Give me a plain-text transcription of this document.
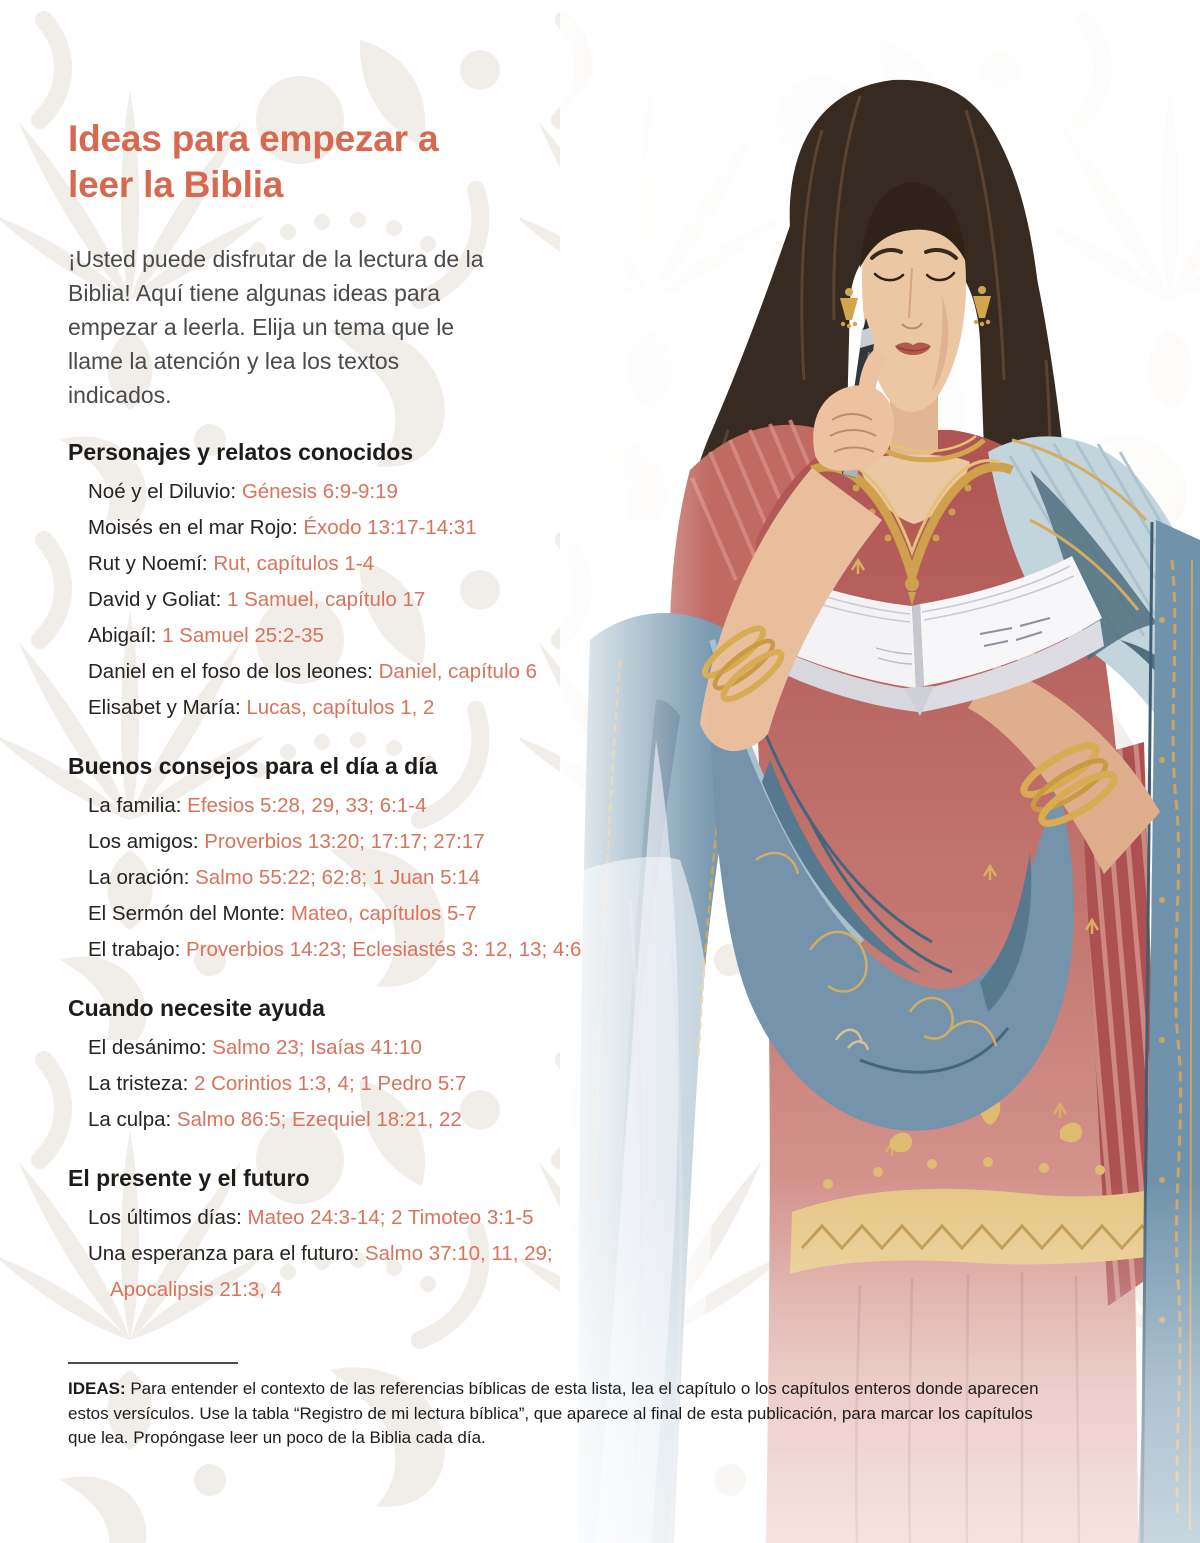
Ideas para empezar a leer la Biblia

¡Usted puede disfrutar de la lectura de la Biblia! Aquí tiene algunas ideas para empezar a leerla. Elija un tema que le llame la atención y lea los textos indicados.

Personajes y relatos conocidos
Noé y el Diluvio: Génesis 6:9-9:19
Moisés en el mar Rojo: Éxodo 13:17-14:31
Rut y Noemí: Rut, capítulos 1-4
David y Goliat: 1 Samuel, capítulo 17
Abigaíl: 1 Samuel 25:2-35
Daniel en el foso de los leones: Daniel, capítulo 6
Elisabet y María: Lucas, capítulos 1, 2
Buenos consejos para el día a día
La familia: Efesios 5:28, 29, 33; 6:1-4
Los amigos: Proverbios 13:20; 17:17; 27:17
La oración: Salmo 55:22; 62:8; 1 Juan 5:14
El Sermón del Monte: Mateo, capítulos 5-7
El trabajo: Proverbios 14:23; Eclesiastés 3: 12, 13; 4:6
Cuando necesite ayuda
El desánimo: Salmo 23; Isaías 41:10
La tristeza: 2 Corintios 1:3, 4; 1 Pedro 5:7
La culpa: Salmo 86:5; Ezequiel 18:21, 22
El presente y el futuro
Los últimos días: Mateo 24:3-14; 2 Timoteo 3:1-5
Una esperanza para el futuro: Salmo 37:10, 11, 29; Apocalipsis 21:3, 4

IDEAS: Para entender el contexto de las referencias bíblicas de esta lista, lea el capítulo o los capítulos enteros donde aparecen estos versículos. Use la tabla “Registro de mi lectura bíblica”, que aparece al final de esta publicación, para marcar los capítulos que lea. Propóngase leer un poco de la Biblia cada día.
